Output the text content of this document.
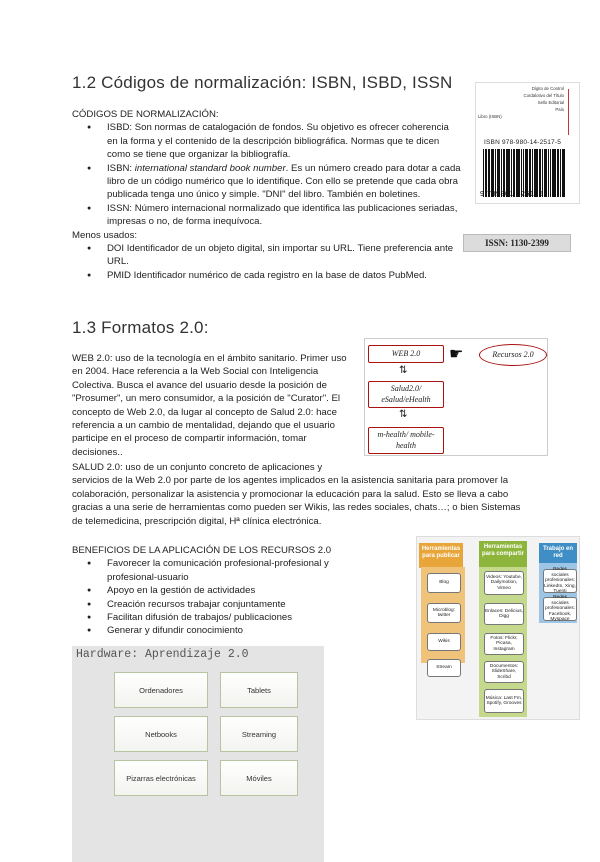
1.2 Códigos de normalización: ISBN, ISBD, ISSN
CÓDIGOS DE NORMALIZACIÓN:
● ISBD: Son normas de catalogación de fondos. Su objetivo es ofrecer coherencia en la forma y el contenido de la descripción bibliográfica. Normas que te dicen como se tiene que organizar la bibliografía.
● ISBN: international standard book number. Es un número creado para dotar a cada libro de un código numérico que lo identifique. Con ello se pretende que cada obra publicada tenga uno único y simple. "DNI" del libro. También en boletines.
● ISSN: Número internacional normalizado que identifica las publicaciones seriadas, impresas o no, de forma inequívoca.
Menos usados:
● DOI Identificador de un objeto digital, sin importar su URL. Tiene preferencia ante URL.
● PMID Identificador numérico de cada registro en la base de datos PubMed.
Dígito de Control
Cordalotivo del Título
Sello Editorial
País
Libro (ISBN)
ISBN 978-980-14-2517-5
9 789801 425175
ISSN: 1130-2399
1.3 Formatos 2.0:
WEB 2.0: uso de la tecnología en el ámbito sanitario. Primer uso en 2004. Hace referencia a la Web Social con Inteligencia Colectiva. Busca el avance del usuario desde la posición de "Prosumer", un mero consumidor, a la posición de "Curator". El concepto de Web 2.0, da lugar al concepto de Salud 2.0: hace referencia a un cambio de mentalidad, dejando que el usuario participe en el proceso de compartir información, tomar decisiones..
SALUD 2.0: uso de un conjunto concreto de aplicaciones y
servicios de la Web 2.0 por parte de los agentes implicados en la asistencia sanitaria para promover la colaboración, personalizar la asistencia y promocionar la educación para la salud. Esto se lleva a cabo gracias a una serie de herramientas como pueden ser Wikis, las redes sociales, chats…; o bien Sistemas de telemedicina, prescripción digital, Hª clínica electrónica.
WEB 2.0	☛	Recursos 2.0
⇅
Salud2.0/ eSalud/eHealth
⇅
m-health/ mobile-health
BENEFICIOS DE LA APLICACIÓN DE LOS RECURSOS 2.0
● Favorecer la comunicación profesional-profesional y profesional-usuario
● Apoyo en la gestión de actividades
● Creación recursos trabajar conjuntamente
● Facilitan difusión de trabajos/ publicaciones
● Generar y difundir conocimiento
Herramientas para publicar
Herramientas para compartir
Trabajo en red
Blog
Microblog: twitter
Wikis
Stream
Videos: Youtube, Dailymotion, Vimeo
Enlaces: Delicius, Digg
Fotos: Flickr, Picasa, Instagram
Documentos: SlideShare, Scribd
Música: Last Fm, Spotify, Grooves
Redes sociales profesionales: LinkedIn, Xing, Tuenti
Redes sociales profesionales: Facebook, Myspace
Hardware: Aprendizaje 2.0
Ordenadores	Tablets
Netbooks	Streaming
Pizarras electrónicas	Móviles
